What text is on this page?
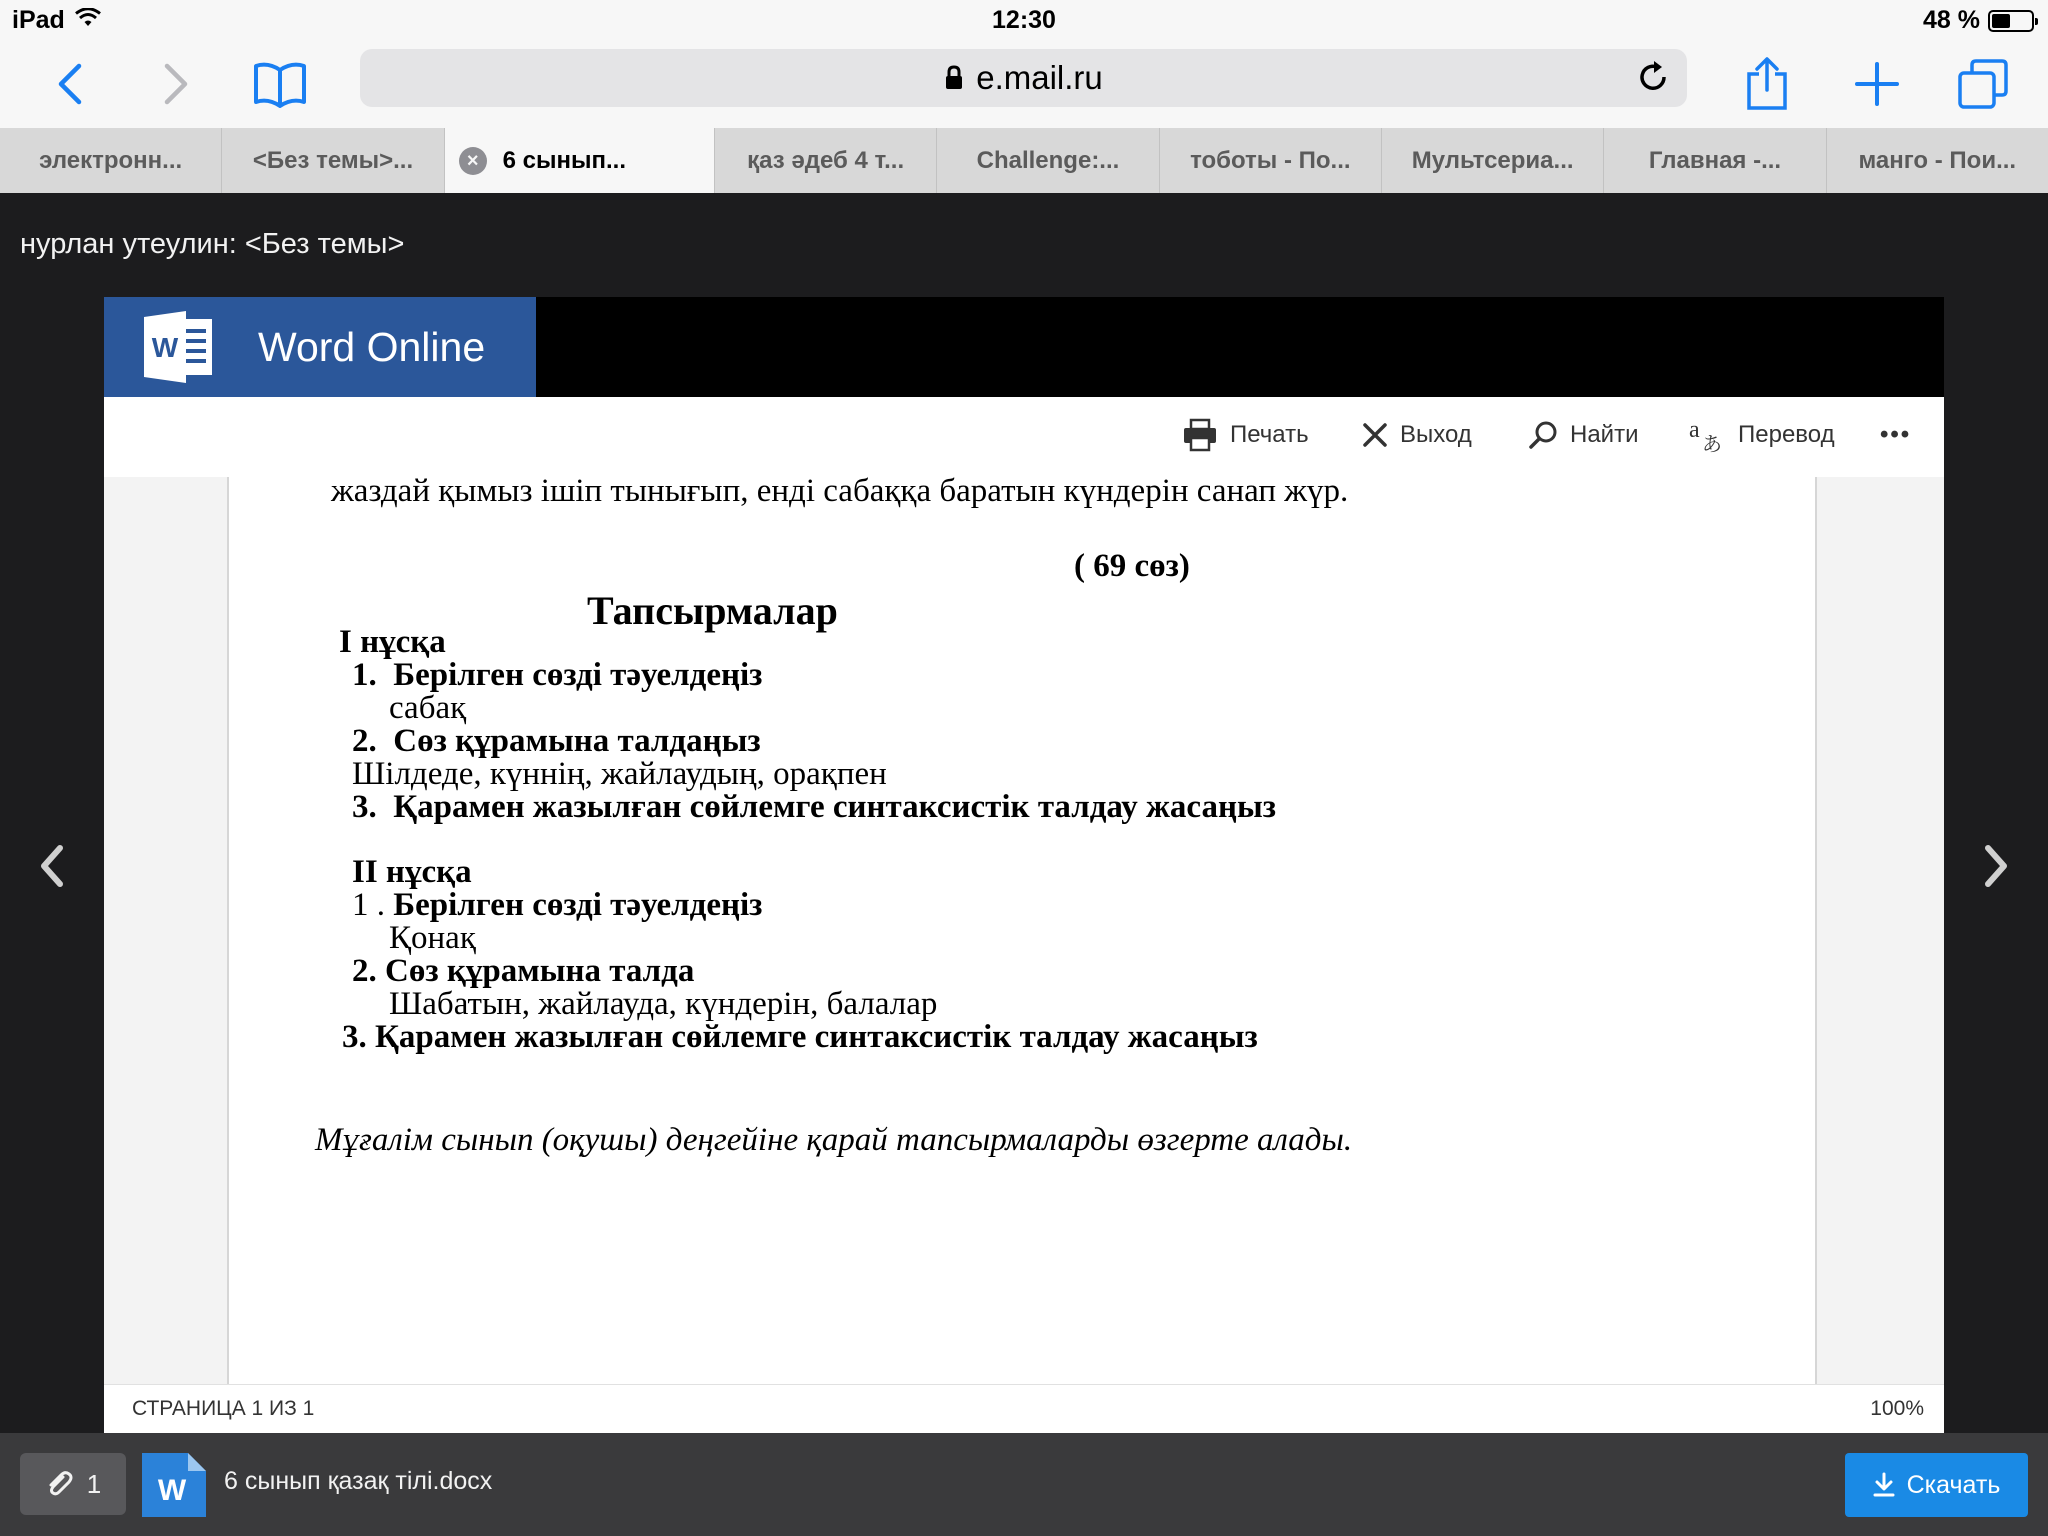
iPad	12:30	48 %
e.mail.ru
электронн...	<Без темы>...	×	6 сынып...	қаз әдеб 4 т...	Challenge:...	тоботы - По...	Мультсериа...	Главная -...	манго - Пои...
нурлан утеулин: <Без темы>
W Word Online
Печать	Выход	Найти a
あ Перевод •••
жаздай қымыз ішіп тынығып, енді сабаққа баратын күндерін санап жүр.
( 69 сөз)
Тапсырмалар
І нұсқа
1.  Берілген сөзді тәуелдеңіз
сабақ
2.  Сөз құрамына талдаңыз
Шілдеде, күннің, жайлаудың, орақпен
3.  Қарамен жазылған сөйлемге синтаксистік талдау жасаңыз
ІІ нұсқа
1 . Берілген сөзді тәуелдеңіз
Қонақ
2. Сөз құрамына талда
Шабатын, жайлауда, күндерін, балалар
3. Қарамен жазылған сөйлемге синтаксистік талдау жасаңыз
Мұғалім сынып (оқушы) деңгейіне қарай тапсырмаларды өзгерте алады.
СТРАНИЦА 1 ИЗ 1	100%
1 W 6 сынып қазақ тілі.docx	Скачать
